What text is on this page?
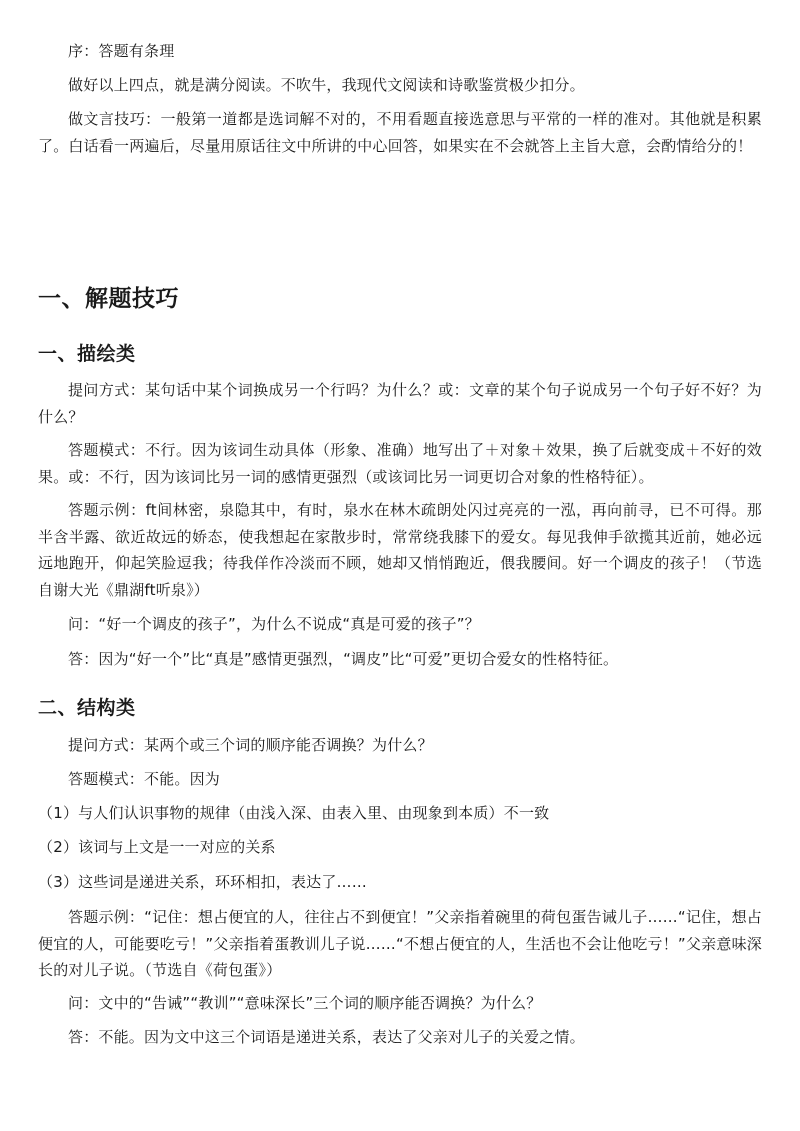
序：答题有条理

做好以上四点，就是满分阅读。不吹牛，我现代文阅读和诗歌鉴赏极少扣分。

做文言技巧：一般第一道都是选词解不对的，不用看题直接选意思与平常的一样的准对。其他就是积累了。白话看一两遍后，尽量用原话往文中所讲的中心回答，如果实在不会就答上主旨大意，会酌情给分的！

一、解题技巧
一、描绘类

提问方式：某句话中某个词换成另一个行吗？为什么？或：文章的某个句子说成另一个句子好不好？为什么？

答题模式：不行。因为该词生动具体（形象、准确）地写出了＋对象＋效果，换了后就变成＋不好的效果。或：不行，因为该词比另一词的感情更强烈（或该词比另一词更切合对象的性格特征）。

答题示例：ft间林密，泉隐其中，有时，泉水在林木疏朗处闪过亮亮的一泓，再向前寻，已不可得。那半含半露、欲近故远的娇态，使我想起在家散步时，常常绕我膝下的爱女。每见我伸手欲揽其近前，她必远远地跑开，仰起笑脸逗我；待我佯作冷淡而不顾，她却又悄悄跑近，偎我腰间。好一个调皮的孩子！（节选自谢大光《鼎湖ft听泉》）

问：“好一个调皮的孩子”，为什么不说成“真是可爱的孩子”？

答：因为“好一个”比“真是”感情更强烈，“调皮”比“可爱”更切合爱女的性格特征。

二、结构类

提问方式：某两个或三个词的顺序能否调换？为什么？

答题模式：不能。因为

（1）与人们认识事物的规律（由浅入深、由表入里、由现象到本质）不一致

（2）该词与上文是一一对应的关系

（3）这些词是递进关系，环环相扣，表达了……

答题示例：“记住：想占便宜的人，往往占不到便宜！”父亲指着碗里的荷包蛋告诫儿子……“记住，想占便宜的人，可能要吃亏！”父亲指着蛋教训儿子说……“不想占便宜的人，生活也不会让他吃亏！”父亲意味深长的对儿子说。（节选自《荷包蛋》）

问：文中的“告诫”“教训”“意味深长”三个词的顺序能否调换？为什么？

答：不能。因为文中这三个词语是递进关系，表达了父亲对儿子的关爱之情。
